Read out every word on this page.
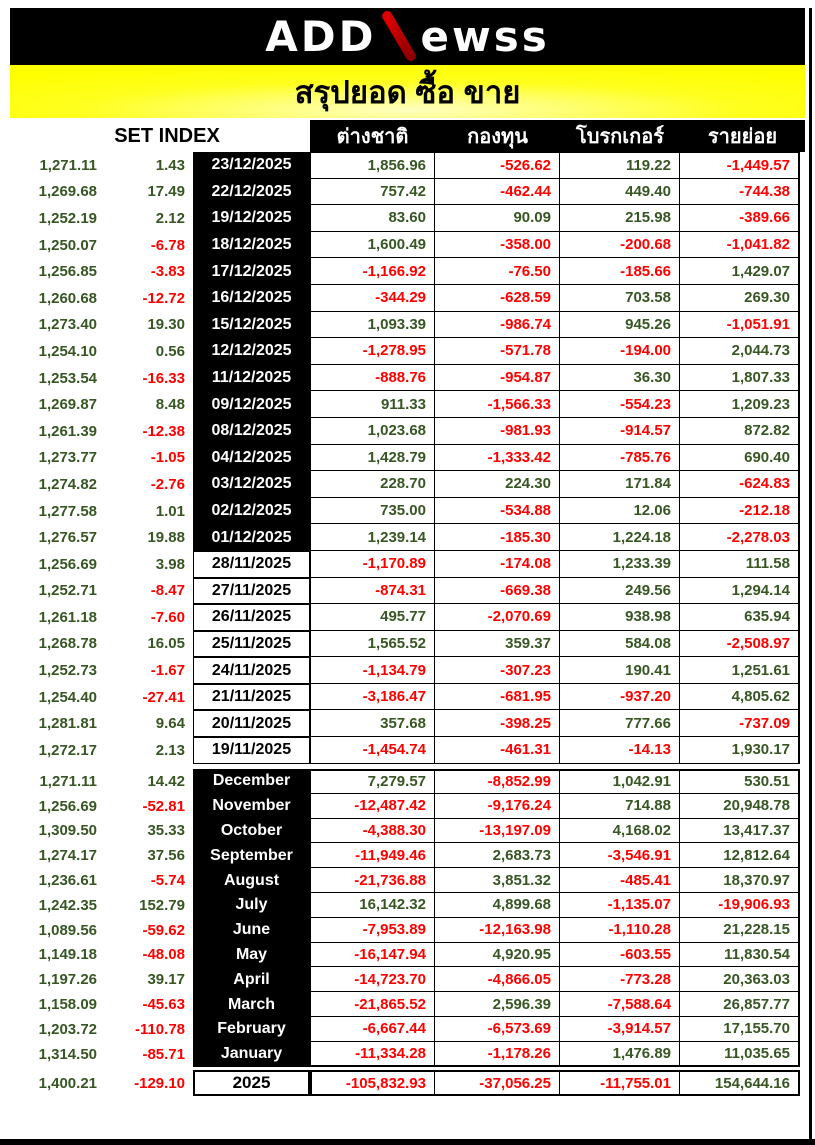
ADD ewss
สรุปยอด ซื้อ ขาย
SET INDEX	ต่างชาติ	กองทุน	โบรกเกอร์	รายย่อย
1,271.11	1.43	23/12/2025	1,856.96	-526.62	119.22	-1,449.57
1,269.68	17.49	22/12/2025	757.42	-462.44	449.40	-744.38
1,252.19	2.12	19/12/2025	83.60	90.09	215.98	-389.66
1,250.07	-6.78	18/12/2025	1,600.49	-358.00	-200.68	-1,041.82
1,256.85	-3.83	17/12/2025	-1,166.92	-76.50	-185.66	1,429.07
1,260.68	-12.72	16/12/2025	-344.29	-628.59	703.58	269.30
1,273.40	19.30	15/12/2025	1,093.39	-986.74	945.26	-1,051.91
1,254.10	0.56	12/12/2025	-1,278.95	-571.78	-194.00	2,044.73
1,253.54	-16.33	11/12/2025	-888.76	-954.87	36.30	1,807.33
1,269.87	8.48	09/12/2025	911.33	-1,566.33	-554.23	1,209.23
1,261.39	-12.38	08/12/2025	1,023.68	-981.93	-914.57	872.82
1,273.77	-1.05	04/12/2025	1,428.79	-1,333.42	-785.76	690.40
1,274.82	-2.76	03/12/2025	228.70	224.30	171.84	-624.83
1,277.58	1.01	02/12/2025	735.00	-534.88	12.06	-212.18
1,276.57	19.88	01/12/2025	1,239.14	-185.30	1,224.18	-2,278.03
1,256.69	3.98	28/11/2025	-1,170.89	-174.08	1,233.39	111.58
1,252.71	-8.47	27/11/2025	-874.31	-669.38	249.56	1,294.14
1,261.18	-7.60	26/11/2025	495.77	-2,070.69	938.98	635.94
1,268.78	16.05	25/11/2025	1,565.52	359.37	584.08	-2,508.97
1,252.73	-1.67	24/11/2025	-1,134.79	-307.23	190.41	1,251.61
1,254.40	-27.41	21/11/2025	-3,186.47	-681.95	-937.20	4,805.62
1,281.81	9.64	20/11/2025	357.68	-398.25	777.66	-737.09
1,272.17	2.13	19/11/2025	-1,454.74	-461.31	-14.13	1,930.17
1,271.11	14.42	December	7,279.57	-8,852.99	1,042.91	530.51
1,256.69	-52.81	November	-12,487.42	-9,176.24	714.88	20,948.78
1,309.50	35.33	October	-4,388.30	-13,197.09	4,168.02	13,417.37
1,274.17	37.56	September	-11,949.46	2,683.73	-3,546.91	12,812.64
1,236.61	-5.74	August	-21,736.88	3,851.32	-485.41	18,370.97
1,242.35	152.79	July	16,142.32	4,899.68	-1,135.07	-19,906.93
1,089.56	-59.62	June	-7,953.89	-12,163.98	-1,110.28	21,228.15
1,149.18	-48.08	May	-16,147.94	4,920.95	-603.55	11,830.54
1,197.26	39.17	April	-14,723.70	-4,866.05	-773.28	20,363.03
1,158.09	-45.63	March	-21,865.52	2,596.39	-7,588.64	26,857.77
1,203.72	-110.78	February	-6,667.44	-6,573.69	-3,914.57	17,155.70
1,314.50	-85.71	January	-11,334.28	-1,178.26	1,476.89	11,035.65
1,400.21	-129.10	2025	-105,832.93	-37,056.25	-11,755.01	154,644.16
